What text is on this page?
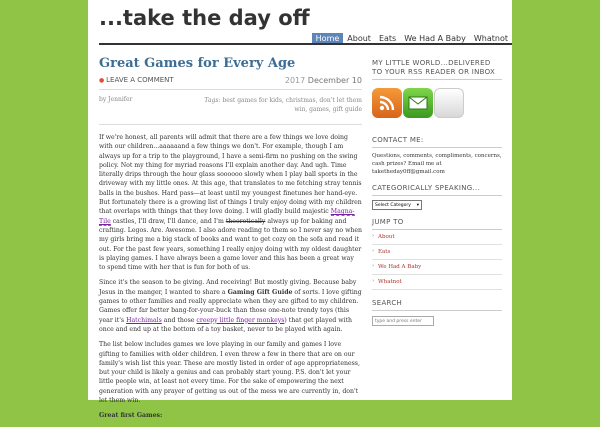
...take the day off
Home	About	Eats	We Had A Baby	Whatnot
Great Games for Every Age
● LEAVE A COMMENT	2017 December 10
by Jennifer	Tags: best games for kids, christmas, don't let them win, games, gift guide

If we're honest, all parents will admit that there are a few things we love doing with our children...aaaaaand a few things we don't. For example, though I am always up for a trip to the playground, I have a semi-firm no pushing on the swing policy. Not my thing for myriad reasons I'll explain another day. And ugh. Time literally drips through the hour glass soooooo slowly when I play ball sports in the driveway with my little ones. At this age, that translates to me fetching stray tennis balls in the bushes. Hard pass—at least until my youngest finetunes her hand-eye. But fortunately there is a growing list of things I truly enjoy doing with my children that overlaps with things that they love doing. I will gladly build majestic Magna-Tile castles, I'll draw, I'll dance, and I'm theoretically always up for baking and crafting. Legos. Are. Awesome. I also adore reading to them so I never say no when my girls bring me a big stack of books and want to get cozy on the sofa and read it out. For the past few years, something I really enjoy doing with my oldest daughter is playing games. I have always been a game lover and this has been a great way to spend time with her that is fun for both of us.

Since it's the season to be giving. And receiving! But mostly giving. Because baby Jesus in the manger, I wanted to share a Gaming Gift Guide of sorts. I love gifting games to other families and really appreciate when they are gifted to my children. Games offer far better bang-for-your-buck than those one-note trendy toys (this year it's Hatchimals and those creepy little finger monkeys) that get played with once and end up at the bottom of a toy basket, never to be played with again.

The list below includes games we love playing in our family and games I love gifting to families with older children. I even threw a few in there that are on our family's wish list this year. These are mostly listed in order of age appropriateness, but your child is likely a genius and can probably start young. P.S. don't let your little people win, at least not every time. For the sake of empowering the next generation with any prayer of getting us out of the mess we are currently in, don't let them win.

Great first Games:

MY LITTLE WORLD...DELIVERED TO YOUR RSS READER OR INBOX
CONTACT ME:
Questions, comments, compliments, concerns, cash prizes? Email me at taketheday0ff@gmail.com
CATEGORICALLY SPEAKING...
Select Category ▾
JUMP TO
› About
› Eats
› We Had A Baby
› Whatnot
SEARCH
type and press enter
